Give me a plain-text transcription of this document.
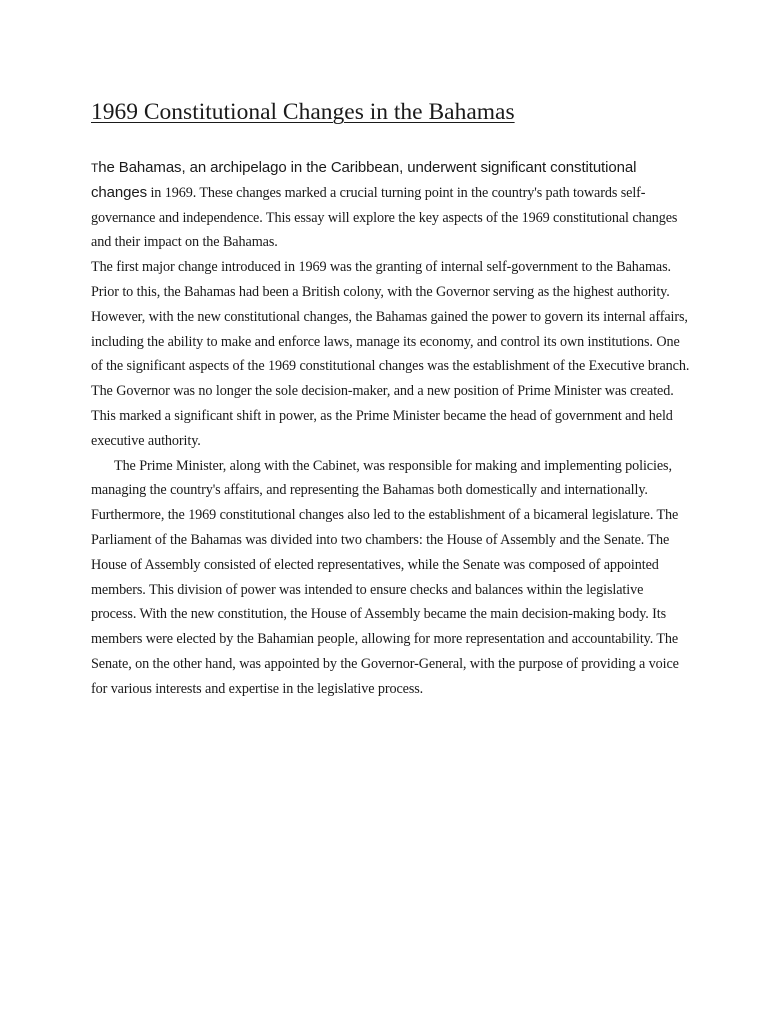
1969 Constitutional Changes in the Bahamas

The Bahamas, an archipelago in the Caribbean, underwent significant constitutional changes in 1969. These changes marked a crucial turning point in the country's path towards self-governance and independence. This essay will explore the key aspects of the 1969 constitutional changes and their impact on the Bahamas.

The first major change introduced in 1969 was the granting of internal self-government to the Bahamas. Prior to this, the Bahamas had been a British colony, with the Governor serving as the highest authority. However, with the new constitutional changes, the Bahamas gained the power to govern its internal affairs, including the ability to make and enforce laws, manage its economy, and control its own institutions. One of the significant aspects of the 1969 constitutional changes was the establishment of the Executive branch. The Governor was no longer the sole decision-maker, and a new position of Prime Minister was created. This marked a significant shift in power, as the Prime Minister became the head of government and held executive authority.

The Prime Minister, along with the Cabinet, was responsible for making and implementing policies, managing the country's affairs, and representing the Bahamas both domestically and internationally. Furthermore, the 1969 constitutional changes also led to the establishment of a bicameral legislature. The Parliament of the Bahamas was divided into two chambers: the House of Assembly and the Senate. The House of Assembly consisted of elected representatives, while the Senate was composed of appointed members. This division of power was intended to ensure checks and balances within the legislative process. With the new constitution, the House of Assembly became the main decision-making body. Its members were elected by the Bahamian people, allowing for more representation and accountability. The Senate, on the other hand, was appointed by the Governor-General, with the purpose of providing a voice for various interests and expertise in the legislative process.
